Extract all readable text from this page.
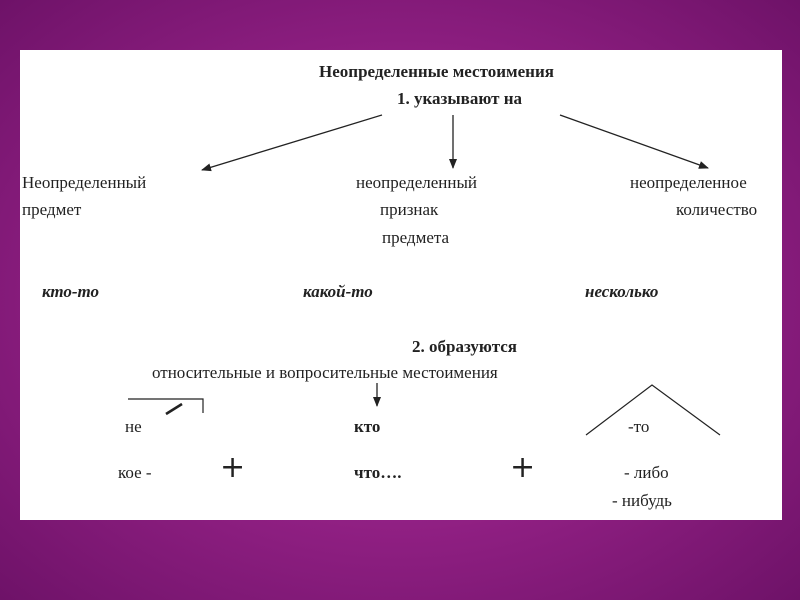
Неопределенные местоимения
1. указывают на
Неопределенный
предмет
неопределенный
признак
предмета
неопределенное
количество
кто-то	какой-то	несколько
2. образуются
относительные и вопросительные местоимения
не	кто	-то
кое - +	что….	+	- либо
- нибудь
